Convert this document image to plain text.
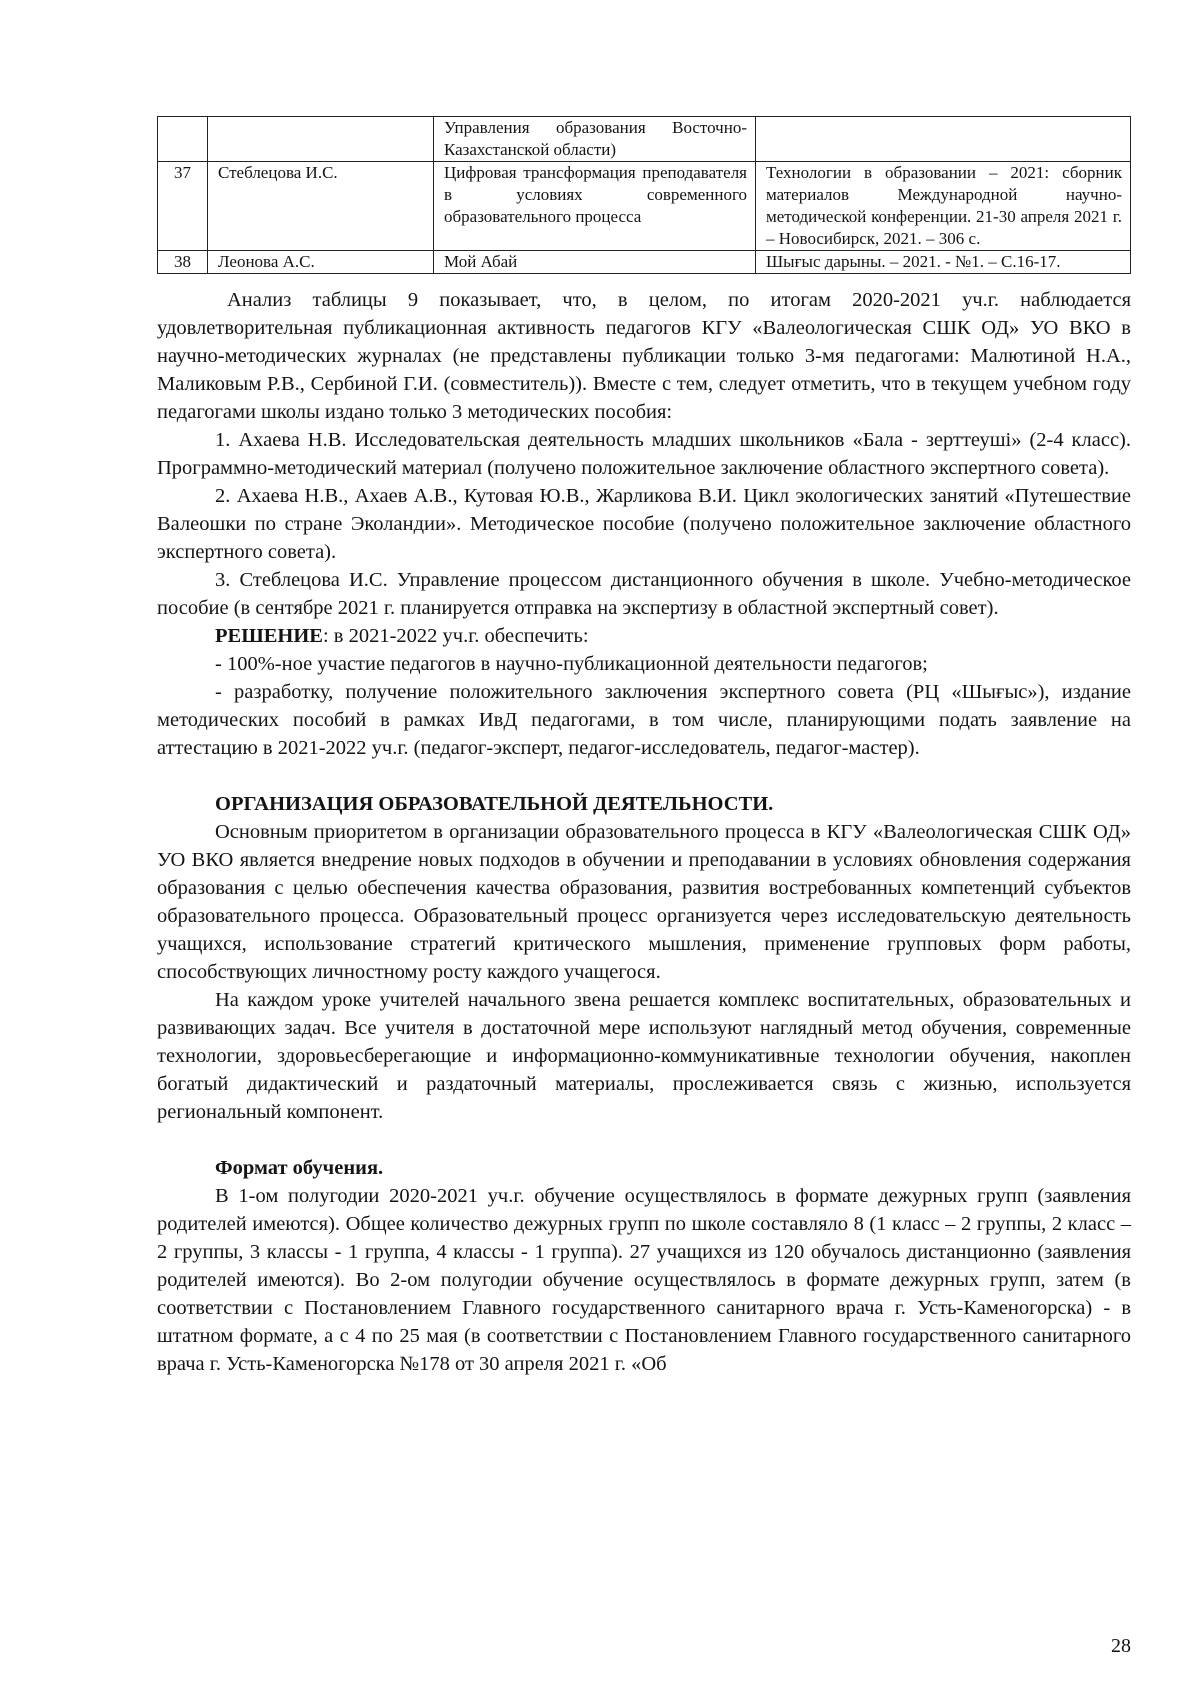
		Управления образования Восточно-Казахстанской области)	
37	Стеблецова И.С.	Цифровая трансформация преподавателя в условиях современного образовательного процесса	Технологии в образовании – 2021: сборник материалов Международной научно-методической конференции. 21-30 апреля 2021 г. – Новосибирск, 2021. – 306 с.
38	Леонова А.С.	Мой Абай	Шығыс дарыны. – 2021. - №1. – С.16-17.

Анализ таблицы 9 показывает, что, в целом, по итогам 2020-2021 уч.г. наблюдается удовлетворительная публикационная активность педагогов КГУ «Валеологическая СШК ОД» УО ВКО в научно-методических журналах (не представлены публикации только 3-мя педагогами: Малютиной Н.А., Маликовым Р.В., Сербиной Г.И. (совместитель)). Вместе с тем, следует отметить, что в текущем учебном году педагогами школы издано только 3 методических пособия:

1. Ахаева Н.В. Исследовательская деятельность младших школьников «Бала - зерттеуші» (2-4 класс). Программно-методический материал (получено положительное заключение областного экспертного совета).

2. Ахаева Н.В., Ахаев А.В., Кутовая Ю.В., Жарликова В.И. Цикл экологических занятий «Путешествие Валеошки по стране Эколандии». Методическое пособие (получено положительное заключение областного экспертного совета).

3. Стеблецова И.С. Управление процессом дистанционного обучения в школе. Учебно-методическое пособие (в сентябре 2021 г. планируется отправка на экспертизу в областной экспертный совет).

РЕШЕНИЕ: в 2021-2022 уч.г. обеспечить:

- 100%-ное участие педагогов в научно-публикационной деятельности педагогов;

- разработку, получение положительного заключения экспертного совета (РЦ «Шығыс»), издание методических пособий в рамках ИвД педагогами, в том числе, планирующими подать заявление на аттестацию в 2021-2022 уч.г. (педагог-эксперт, педагог-исследователь, педагог-мастер).

ОРГАНИЗАЦИЯ ОБРАЗОВАТЕЛЬНОЙ ДЕЯТЕЛЬНОСТИ.

Основным приоритетом в организации образовательного процесса в КГУ «Валеологическая СШК ОД» УО ВКО является внедрение новых подходов в обучении и преподавании в условиях обновления содержания образования с целью обеспечения качества образования, развития востребованных компетенций субъектов образовательного процесса. Образовательный процесс организуется через исследовательскую деятельность учащихся, использование стратегий критического мышления, применение групповых форм работы, способствующих личностному росту каждого учащегося.

На каждом уроке учителей начального звена решается комплекс воспитательных, образовательных и развивающих задач. Все учителя в достаточной мере используют наглядный метод обучения, современные технологии, здоровьесберегающие и информационно-коммуникативные технологии обучения, накоплен богатый дидактический и раздаточный материалы, прослеживается связь с жизнью, используется региональный компонент.

Формат обучения.

В 1-ом полугодии 2020-2021 уч.г. обучение осуществлялось в формате дежурных групп (заявления родителей имеются). Общее количество дежурных групп по школе составляло 8 (1 класс – 2 группы, 2 класс – 2 группы, 3 классы - 1 группа, 4 классы - 1 группа). 27 учащихся из 120 обучалось дистанционно (заявления родителей имеются). Во 2-ом полугодии обучение осуществлялось в формате дежурных групп, затем (в соответствии с Постановлением Главного государственного санитарного врача г. Усть-Каменогорска) - в штатном формате, а с 4 по 25 мая (в соответствии с Постановлением Главного государственного санитарного врача г. Усть-Каменогорска №178 от 30 апреля 2021 г. «Об

28
